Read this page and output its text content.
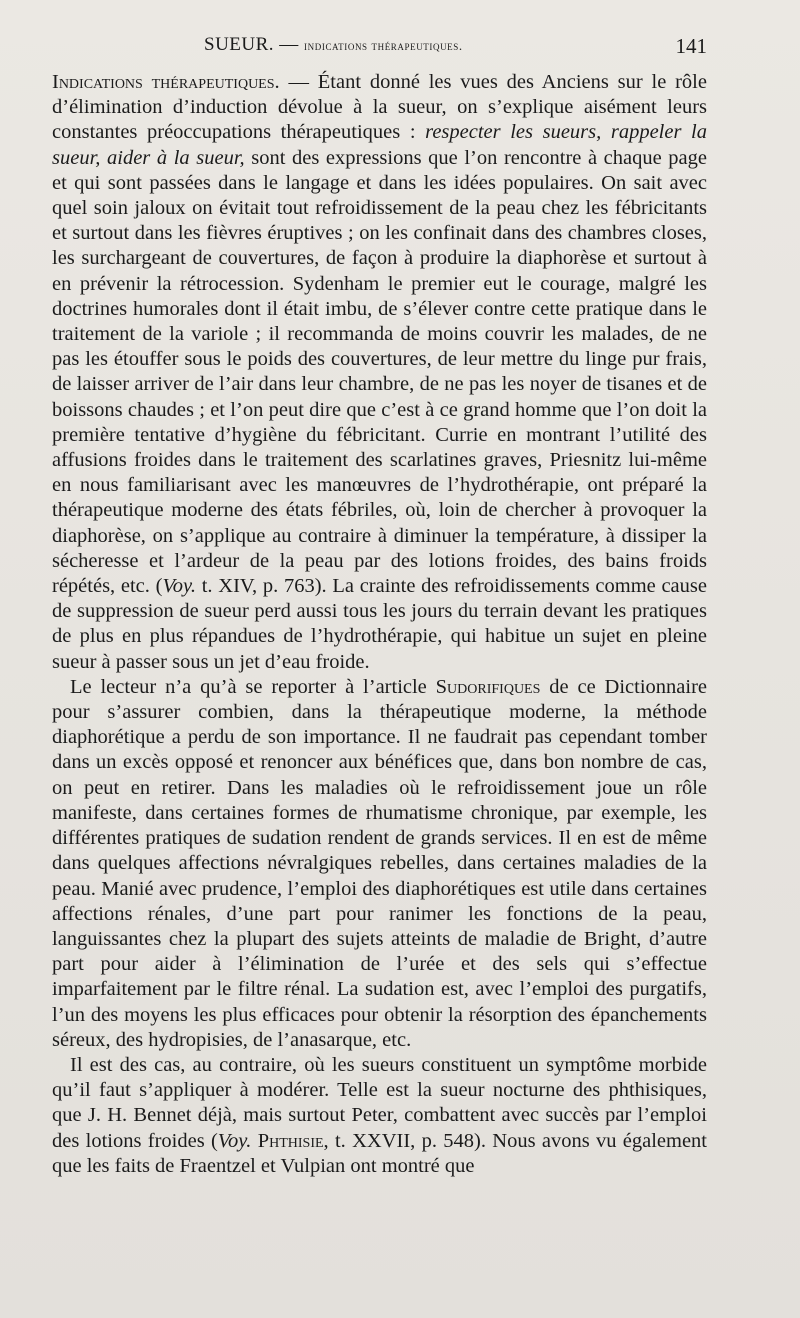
SUEUR. — indications thérapeutiques.	141

Indications thérapeutiques. — Étant donné les vues des Anciens sur le rôle d’élimination d’induction dévolue à la sueur, on s’explique aisément leurs constantes préoccupations thérapeutiques : respecter les sueurs, rappeler la sueur, aider à la sueur, sont des expressions que l’on rencontre à chaque page et qui sont passées dans le langage et dans les idées populaires. On sait avec quel soin jaloux on évitait tout refroidissement de la peau chez les fébricitants et surtout dans les fièvres éruptives ; on les confinait dans des chambres closes, les surchargeant de couvertures, de façon à produire la diaphorèse et surtout à en prévenir la rétrocession. Sydenham le premier eut le courage, malgré les doctrines humorales dont il était imbu, de s’élever contre cette pratique dans le traitement de la variole ; il recommanda de moins couvrir les malades, de ne pas les étouffer sous le poids des couvertures, de leur mettre du linge pur frais, de laisser arriver de l’air dans leur chambre, de ne pas les noyer de tisanes et de boissons chaudes ; et l’on peut dire que c’est à ce grand homme que l’on doit la première tentative d’hygiène du fébricitant. Currie en montrant l’utilité des affusions froides dans le traitement des scarlatines graves, Priesnitz lui-même en nous familiarisant avec les manœuvres de l’hydrothérapie, ont préparé la thérapeutique moderne des états fébriles, où, loin de chercher à provoquer la diaphorèse, on s’applique au contraire à diminuer la température, à dissiper la sécheresse et l’ardeur de la peau par des lotions froides, des bains froids répétés, etc. (Voy. t. XIV, p. 763). La crainte des refroidissements comme cause de suppression de sueur perd aussi tous les jours du terrain devant les pratiques de plus en plus répandues de l’hydrothérapie, qui habitue un sujet en pleine sueur à passer sous un jet d’eau froide.

Le lecteur n’a qu’à se reporter à l’article Sudorifiques de ce Dictionnaire pour s’assurer combien, dans la thérapeutique moderne, la méthode diaphorétique a perdu de son importance. Il ne faudrait pas cependant tomber dans un excès opposé et renoncer aux bénéfices que, dans bon nombre de cas, on peut en retirer. Dans les maladies où le refroidissement joue un rôle manifeste, dans certaines formes de rhumatisme chronique, par exemple, les différentes pratiques de sudation rendent de grands services. Il en est de même dans quelques affections névralgiques rebelles, dans certaines maladies de la peau. Manié avec prudence, l’emploi des diaphorétiques est utile dans certaines affections rénales, d’une part pour ranimer les fonctions de la peau, languissantes chez la plupart des sujets atteints de maladie de Bright, d’autre part pour aider à l’élimination de l’urée et des sels qui s’effectue imparfaitement par le filtre rénal. La sudation est, avec l’emploi des purgatifs, l’un des moyens les plus efficaces pour obtenir la résorption des épanchements séreux, des hydropisies, de l’anasarque, etc.

Il est des cas, au contraire, où les sueurs constituent un symptôme morbide qu’il faut s’appliquer à modérer. Telle est la sueur nocturne des phthisiques, que J. H. Bennet déjà, mais surtout Peter, combattent avec succès par l’emploi des lotions froides (Voy. Phthisie, t. XXVII, p. 548). Nous avons vu également que les faits de Fraentzel et Vulpian ont montré que
